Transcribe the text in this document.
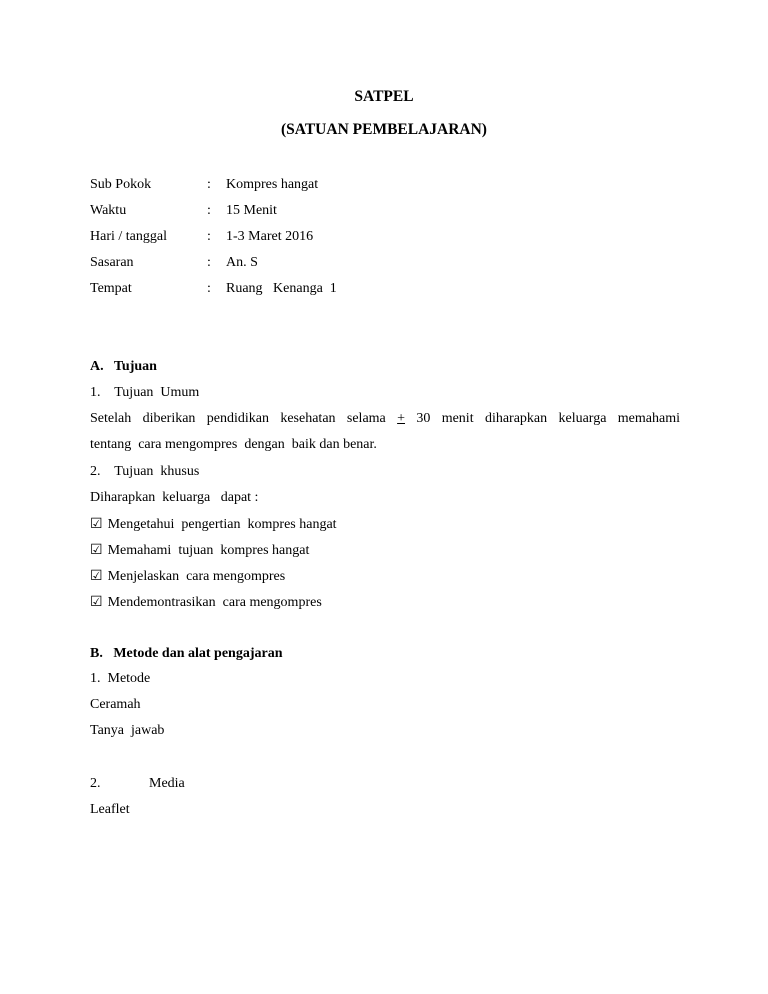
SATPEL
(SATUAN PEMBELAJARAN)
Sub Pokok	: Kompres hangat
Waktu	: 15 Menit
Hari / tanggal	: 1-3 Maret 2016
Sasaran	: An. S
Tempat	: Ruang   Kenanga  1
A.   Tujuan
1.    Tujuan  Umum
Setelah diberikan pendidikan kesehatan selama + 30 menit diharapkan keluarga memahami
tentang  cara mengompres  dengan  baik dan benar.
2.    Tujuan  khusus
Diharapkan  keluarga   dapat :
☑ Mengetahui  pengertian  kompres hangat
☑ Memahami  tujuan  kompres hangat
☑ Menjelaskan  cara mengompres
☑ Mendemontrasikan  cara mengompres
B.   Metode dan alat pengajaran
1.  Metode
Ceramah
Tanya  jawab
2.	Media
Leaflet
